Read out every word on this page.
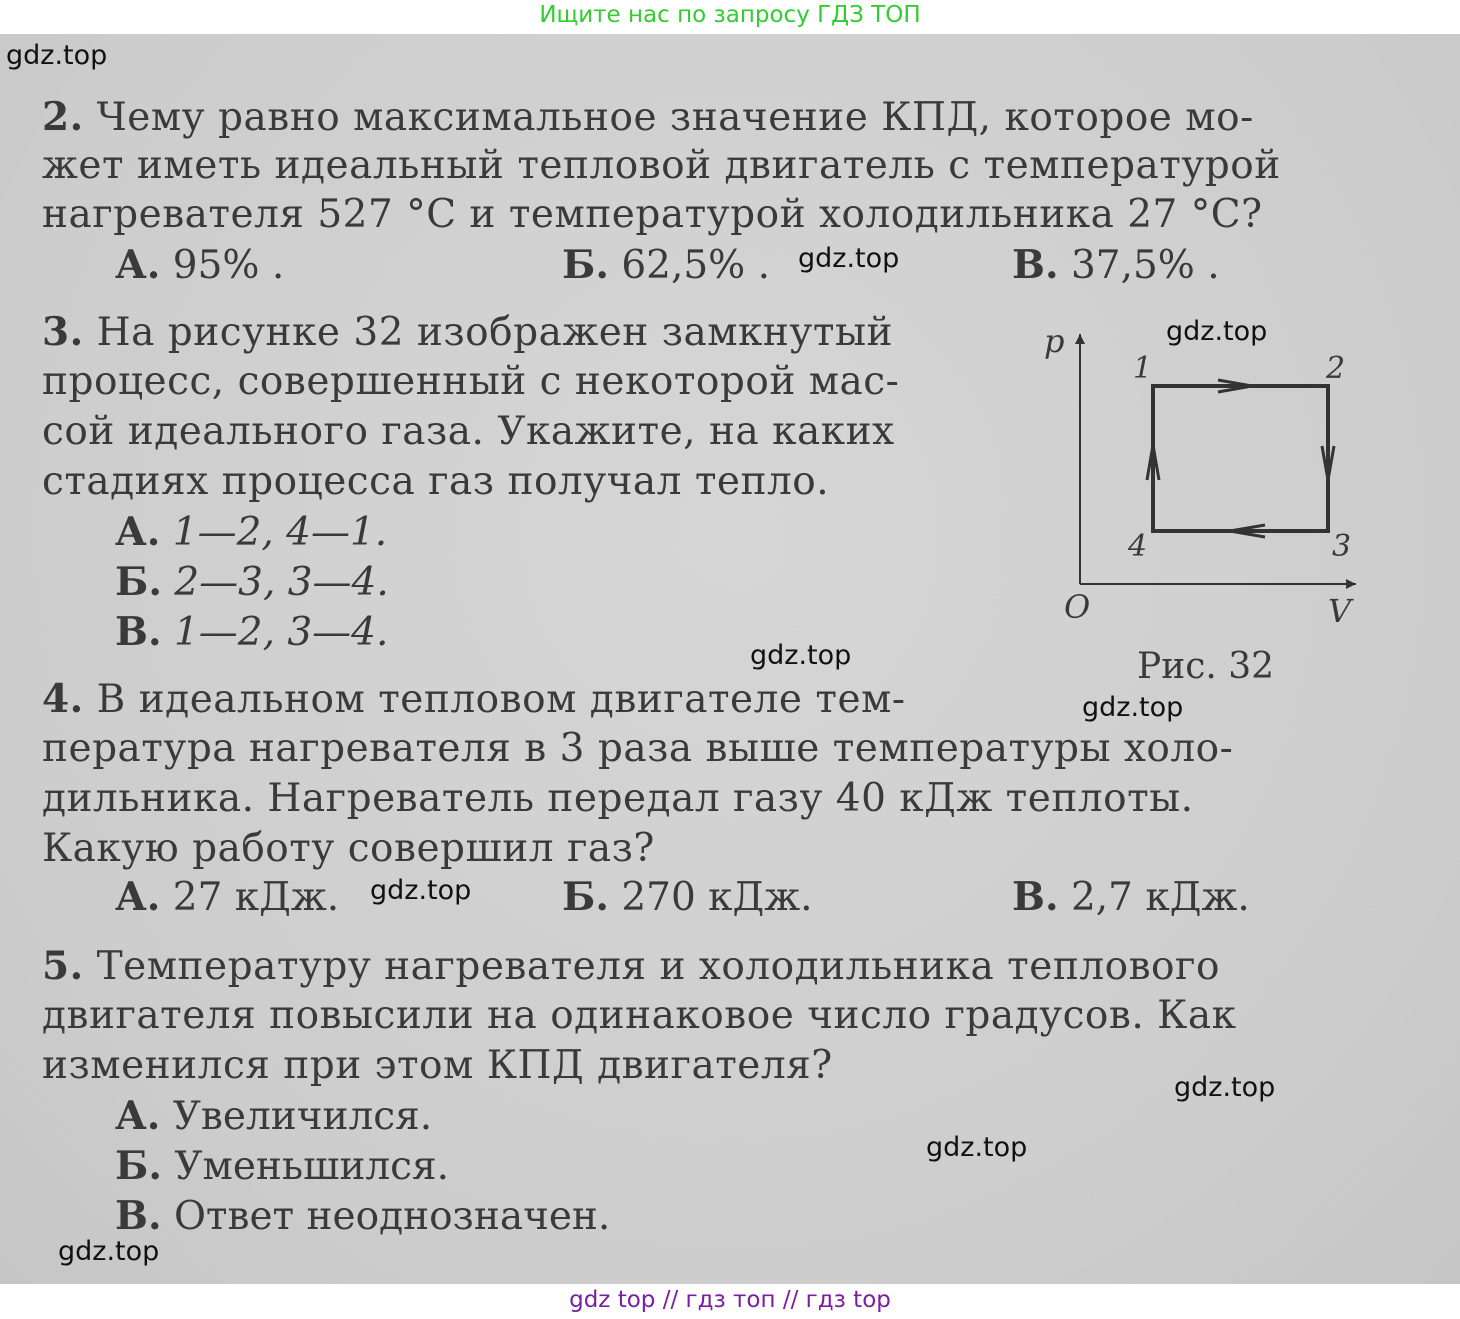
Ищите нас по запросу ГДЗ ТОП
gdz.top
gdz.top
gdz.top
gdz.top
gdz.top
gdz.top
gdz.top
gdz.top
gdz.top
2. Чему равно максимальное значение КПД, которое мо-
жет иметь идеальный тепловой двигатель с температурой
нагревателя 527 °С и температурой холодильника 27 °С?
А. 95% .	Б. 62,5% .	В. 37,5% .
3. На рисунке 32 изображен замкнутый
процесс, совершенный с некоторой мас-
сой идеального газа. Укажите, на каких
стадиях процесса газ получал тепло.
А. 1—2, 4—1.
Б. 2—3, 3—4.
В. 1—2, 3—4.
p
V
O
1	2
3
4
Рис. 32
4. В идеальном тепловом двигателе тем-
пература нагревателя в 3 раза выше температуры холо-
дильника. Нагреватель передал газу 40 кДж теплоты.
Какую работу совершил газ?
А. 27 кДж.	Б. 270 кДж.	В. 2,7 кДж.
5. Температуру нагревателя и холодильника теплового
двигателя повысили на одинаковое число градусов. Как
изменился при этом КПД двигателя?
А. Увеличился.
Б. Уменьшился.
В. Ответ неоднозначен.
gdz top // гдз топ // гдз top
